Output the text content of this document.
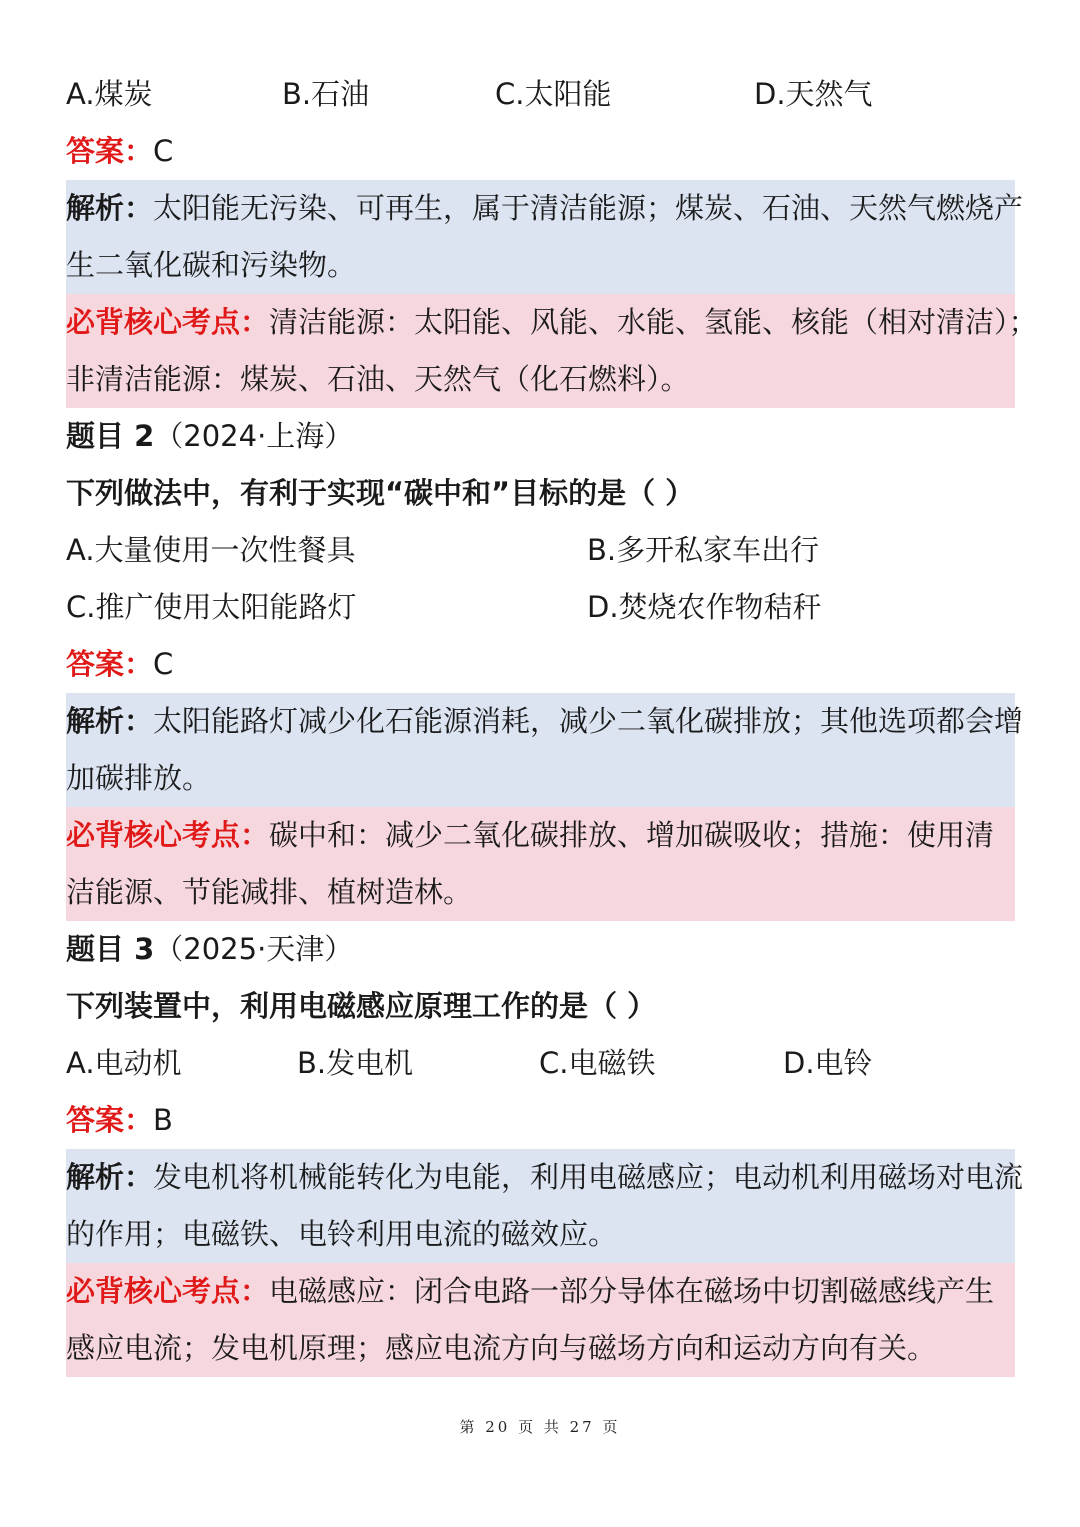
A.煤炭	B.石油	C.太阳能	D.天然气
答案：C
解析：太阳能无污染、可再生，属于清洁能源；煤炭、石油、天然气燃烧产
生二氧化碳和污染物。
必背核心考点：清洁能源：太阳能、风能、水能、氢能、核能（相对清洁）；
非清洁能源：煤炭、石油、天然气（化石燃料）。
题目 2（2024·上海）
下列做法中，有利于实现“碳中和”目标的是（ ）
A.大量使用一次性餐具	B.多开私家车出行
C.推广使用太阳能路灯	D.焚烧农作物秸秆
答案：C
解析：太阳能路灯减少化石能源消耗，减少二氧化碳排放；其他选项都会增
加碳排放。
必背核心考点：碳中和：减少二氧化碳排放、增加碳吸收；措施：使用清
洁能源、节能减排、植树造林。
题目 3（2025·天津）
下列装置中，利用电磁感应原理工作的是（ ）
A.电动机	B.发电机	C.电磁铁	D.电铃
答案：B
解析：发电机将机械能转化为电能，利用电磁感应；电动机利用磁场对电流
的作用；电磁铁、电铃利用电流的磁效应。
必背核心考点：电磁感应：闭合电路一部分导体在磁场中切割磁感线产生
感应电流；发电机原理；感应电流方向与磁场方向和运动方向有关。
第 20 页 共 27 页
